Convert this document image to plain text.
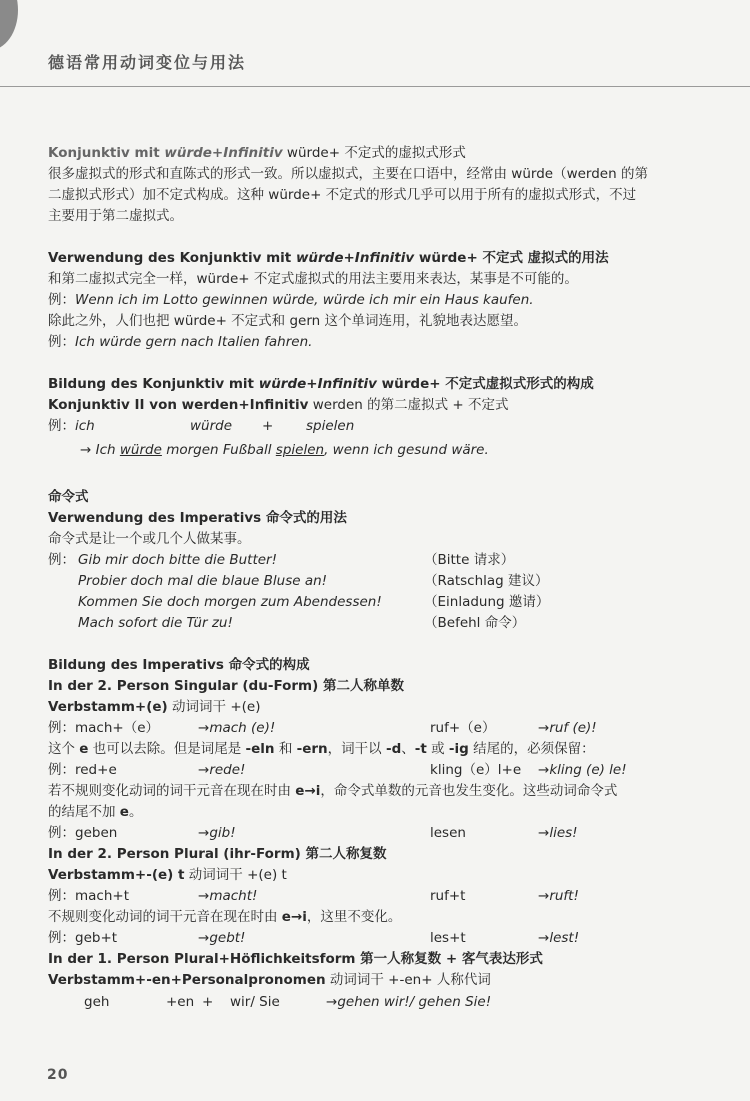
德语常用动词变位与用法
Konjunktiv mit würde+Infinitiv würde+ 不定式的虚拟式形式
很多虚拟式的形式和直陈式的形式一致。所以虚拟式，主要在口语中，经常由 würde（werden 的第
二虚拟式形式）加不定式构成。这种 würde+ 不定式的形式几乎可以用于所有的虚拟式形式，不过
主要用于第二虚拟式。
Verwendung des Konjunktiv mit würde+Infinitiv würde+ 不定式 虚拟式的用法
和第二虚拟式完全一样，würde+ 不定式虚拟式的用法主要用来表达，某事是不可能的。
例：Wenn ich im Lotto gewinnen würde, würde ich mir ein Haus kaufen.
除此之外，人们也把 würde+ 不定式和 gern 这个单词连用，礼貌地表达愿望。
例：Ich würde gern nach Italien fahren.
Bildung des Konjunktiv mit würde+Infinitiv würde+ 不定式虚拟式形式的构成
Konjunktiv II von werden+Infinitiv werden 的第二虚拟式 + 不定式
例：ich	würde + spielen
→ Ich würde morgen Fußball spielen, wenn ich gesund wäre.
命令式
Verwendung des Imperativs 命令式的用法
命令式是让一个或几个人做某事。
例： Gib mir doch bitte die Butter!	（Bitte 请求）
Probier doch mal die blaue Bluse an!	（Ratschlag 建议）
Kommen Sie doch morgen zum Abendessen!	（Einladung 邀请）
Mach sofort die Tür zu!	（Befehl 命令）
Bildung des Imperativs 命令式的构成
In der 2. Person Singular (du-Form) 第二人称单数
Verbstamm+(e) 动词词干 +(e)
例：mach+（e）	→mach (e)!	ruf+（e）	→ruf (e)!
这个 e 也可以去除。但是词尾是 -eln 和 -ern，词干以 -d、-t 或 -ig 结尾的，必须保留：
例：red+e	→rede!	kling（e）l+e →kling (e) le!
若不规则变化动词的词干元音在现在时由 e→i，命令式单数的元音也发生变化。这些动词命令式
的结尾不加 e。
例：geben	→gib!	lesen	→lies!
In der 2. Person Plural (ihr-Form) 第二人称复数
Verbstamm+-(e) t 动词词干 +(e) t
例：mach+t	→macht!	ruf+t	→ruft!
不规则变化动词的词干元音在现在时由 e→i，这里不变化。
例：geb+t	→gebt!	les+t	→lest!
In der 1. Person Plural+Höflichkeitsform 第一人称复数 + 客气表达形式
Verbstamm+-en+Personalpronomen 动词词干 +-en+ 人称代词
geh	+en + wir/ Sie	→gehen wir!/ gehen Sie!
20
